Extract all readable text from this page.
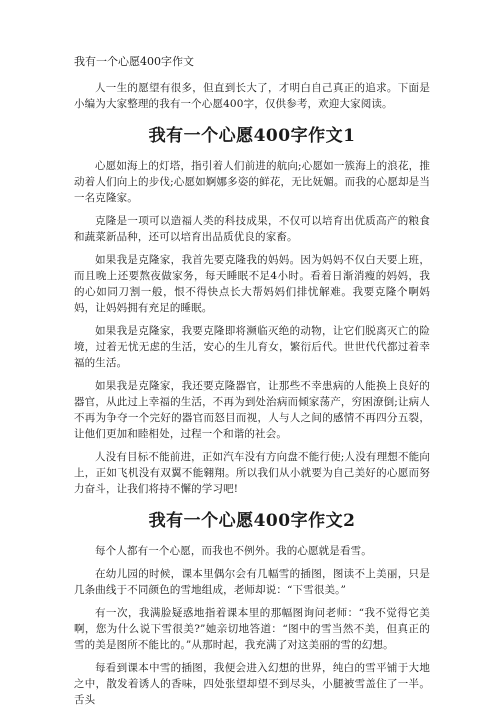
我有一个心愿400字作文

人一生的愿望有很多，但直到长大了，才明白自己真正的追求。下面是小编为大家整理的我有一个心愿400字，仅供参考，欢迎大家阅读。

我有一个心愿400字作文1

心愿如海上的灯塔，指引着人们前进的航向;心愿如一簇海上的浪花，推动着人们向上的步伐;心愿如婀娜多姿的鲜花，无比妩媚。而我的心愿却是当一名克隆家。

克隆是一项可以造福人类的科技成果，不仅可以培育出优质高产的粮食和蔬菜新品种，还可以培育出品质优良的家畜。

如果我是克隆家，我首先要克隆我的妈妈。因为妈妈不仅白天要上班，而且晚上还要熬夜做家务，每天睡眠不足4小时。看着日渐消瘦的妈妈，我的心如同刀割一般，恨不得快点长大帮妈妈们排忧解难。我要克隆个啊妈妈，让妈妈拥有充足的睡眠。

如果我是克隆家，我要克隆即将濒临灭绝的动物，让它们脱离灭亡的险境，过着无忧无虑的生活，安心的生儿育女，繁衍后代。世世代代都过着幸福的生活。

如果我是克隆家，我还要克隆器官，让那些不幸患病的人能换上良好的器官，从此过上幸福的生活，不再为到处治病而倾家荡产，穷困潦倒;让病人不再为争夺一个完好的器官而怒目而视，人与人之间的感情不再四分五裂，让他们更加和睦相处，过程一个和谐的社会。

人没有目标不能前进，正如汽车没有方向盘不能行使;人没有理想不能向上，正如飞机没有双翼不能翱翔。所以我们从小就要为自己美好的心愿而努力奋斗，让我们将持不懈的学习吧!

我有一个心愿400字作文2

每个人都有一个心愿，而我也不例外。我的心愿就是看雪。

在幼儿园的时候，课本里偶尔会有几幅雪的插图，图读不上美丽，只是几条曲线于不同颜色的雪地组成，老师却说：“下雪很美。”

有一次，我满脸疑惑地指着课本里的那幅图询问老师：“我不觉得它美啊，您为什么说下雪很美?”她亲切地答道：“图中的雪当然不美，但真正的雪的美是图所不能比的。”从那时起，我充满了对这美丽的雪的幻想。

每看到课本中雪的插图，我便会进入幻想的世界，纯白的雪平铺于大地之中，散发着诱人的香味，四处张望却望不到尽头，小腿被雪盖住了一半。舌头
